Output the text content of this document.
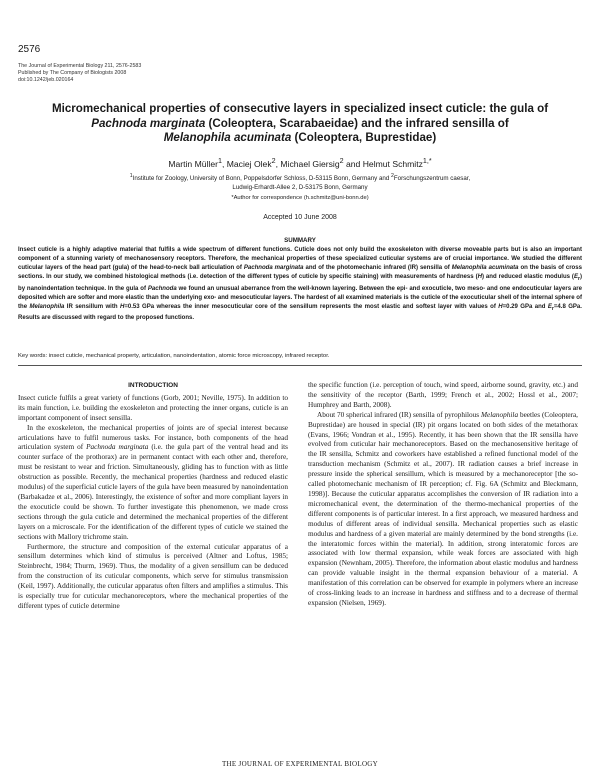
2576
The Journal of Experimental Biology 211, 2576-2583
Published by The Company of Biologists 2008
doi:10.1242/jeb.020164
Micromechanical properties of consecutive layers in specialized insect cuticle: the gula of Pachnoda marginata (Coleoptera, Scarabaeidae) and the infrared sensilla of
Melanophila acuminata (Coleoptera, Buprestidae)
Martin Müller$^1$, Maciej Olek$^2$, Michael Giersig$^2$ and Helmut Schmitz$^{1,*}$
$^1$Institute for Zoology, University of Bonn, Poppelsdorfer Schloss, D-53115 Bonn, Germany and $^2$Forschungszentrum caesar,
Ludwig-Erhardt-Allee 2, D-53175 Bonn, Germany
*Author for correspondence (h.schmitz@uni-bonn.de)
Accepted 10 June 2008
SUMMARY
Insect cuticle is a highly adaptive material that fulfils a wide spectrum of different functions. Cuticle does not only build the exoskeleton with diverse moveable parts but is also an important component of a stunning variety of mechanosensory receptors. Therefore, the mechanical properties of these specialized cuticular systems are of crucial importance. We studied the different cuticular layers of the head part (gula) of the head-to-neck ball articulation of Pachnoda marginata and of the photomechanic infrared (IR) sensilla of Melanophila acuminata on the basis of cross sections. In our study, we combined histological methods (i.e. detection of the different types of cuticle by specific staining) with measurements of hardness (H) and reduced elastic modulus $(E_r)$ by nanoindentation technique. In the gula of Pachnoda we found an unusual aberrance from the well-known layering. Between the epi- and exocuticle, two meso- and one endocuticular layers are deposited which are softer and more elastic than the underlying exo- and mesocuticular layers. The hardest of all examined materials is the cuticle of the exocuticular shell of the internal sphere of the Melanophila IR sensillum with H=0.53 GPa whereas the inner mesocuticular core of the sensillum represents the most elastic and softest layer with values of H=0.29 GPa and $E_r=4.8$ GPa. Results are discussed with regard to the proposed functions.
Key words: insect cuticle, mechanical property, articulation, nanoindentation, atomic force microscopy, infrared receptor.
INTRODUCTION

Insect cuticle fulfils a great variety of functions (Gorb, 2001; Neville, 1975). In addition to its main function, i.e. building the exoskeleton and protecting the inner organs, cuticle is an important component of insect sensilla.

In the exoskeleton, the mechanical properties of joints are of special interest because articulations have to fulfil numerous tasks. For instance, both components of the head articulation system of Pachnoda marginata (i.e. the gula part of the ventral head and its counter surface of the prothorax) are in permanent contact with each other and, therefore, must be resistant to wear and friction. Simultaneously, gliding has to function with as little obstruction as possible. Recently, the mechanical properties (hardness and reduced elastic modulus) of the superficial cuticle layers of the gula have been measured by nanoindentation (Barbakadze et al., 2006). Interestingly, the existence of softer and more compliant layers in the exocuticle could be shown. To further investigate this phenomenon, we made cross sections through the gula cuticle and determined the mechanical properties of the different layers on a microscale. For the identification of the different types of cuticle we stained the sections with Mallory trichrome stain.

Furthermore, the structure and composition of the external cuticular apparatus of a sensillum determines which kind of stimulus is perceived (Altner and Loftus, 1985; Steinbrecht, 1984; Thurm, 1969). Thus, the modality of a given sensillum can be deduced from the construction of its cuticular components, which serve for stimulus transmission (Keil, 1997). Additionally, the cuticular apparatus often filters and amplifies a stimulus. This is especially true for cuticular mechanoreceptors, where the mechanical properties of the different types of cuticle determine

the specific function (i.e. perception of touch, wind speed, airborne sound, gravity, etc.) and the sensitivity of the receptor (Barth, 1999; French et al., 2002; Hossl et al., 2007; Humphrey and Barth, 2008).

About 70 spherical infrared (IR) sensilla of pyrophilous Melanophila beetles (Coleoptera, Buprestidae) are housed in special (IR) pit organs located on both sides of the metathorax (Evans, 1966; Vondran et al., 1995). Recently, it has been shown that the IR sensilla have evolved from cuticular hair mechanoreceptors. Based on the mechanosensitive heritage of the IR sensilla, Schmitz and coworkers have established a refined functional model of the transduction mechanism (Schmitz et al., 2007). IR radiation causes a brief increase in pressure inside the spherical sensillum, which is measured by a mechanoreceptor [the so-called photomechanic mechanism of IR perception; cf. Fig. 6A (Schmitz and Bleckmann, 1998)]. Because the cuticular apparatus accomplishes the conversion of IR radiation into a micromechanical event, the determination of the thermo-mechanical properties of the different components is of particular interest. In a first approach, we measured hardness and modulus of different areas of individual sensilla. Mechanical properties such as elastic modulus and hardness of a given material are mainly determined by the bond strengths (i.e. the interatomic forces within the material). In addition, strong interatomic forces are associated with low thermal expansion, while weak forces are associated with high expansion (Newnham, 2005). Therefore, the information about elastic modulus and hardness can provide valuable insight in the thermal expansion behaviour of a material. A manifestation of this correlation can be observed for example in polymers where an increase of cross-linking leads to an increase in hardness and stiffness and to a decrease of thermal expansion (Nielsen, 1969).

THE JOURNAL OF EXPERIMENTAL BIOLOGY
